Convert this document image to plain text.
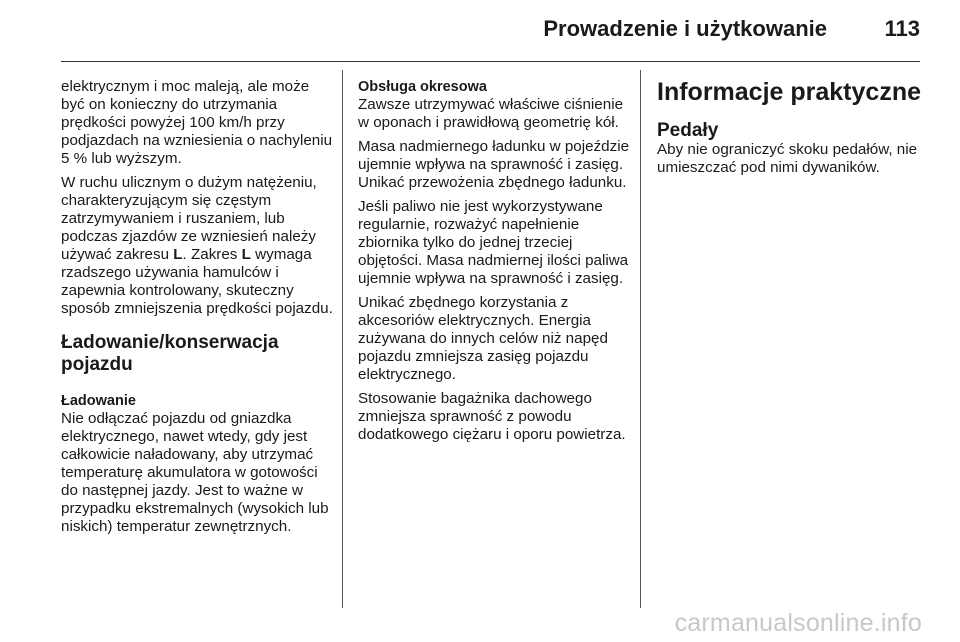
Prowadzenie i użytkowanie	113

elektrycznym i moc maleją, ale może być on konieczny do utrzymania prędkości powyżej 100 km/h przy podjazdach na wzniesienia o nachyleniu 5 % lub wyższym.

W ruchu ulicznym o dużym natężeniu, charakteryzującym się częstym zatrzymywaniem i ruszaniem, lub podczas zjazdów ze wzniesień należy używać zakresu L. Zakres L wymaga rzadszego używania hamulców i zapewnia kontrolowany, skuteczny sposób zmniejszenia prędkości pojazdu.

Ładowanie/konserwacja pojazdu
Ładowanie

Nie odłączać pojazdu od gniazdka elektrycznego, nawet wtedy, gdy jest całkowicie naładowany, aby utrzymać temperaturę akumulatora w gotowości do następnej jazdy. Jest to ważne w przypadku ekstremalnych (wysokich lub niskich) temperatur zewnętrznych.

Obsługa okresowa

Zawsze utrzymywać właściwe ciśnienie w oponach i prawidłową geometrię kół.

Masa nadmiernego ładunku w pojeździe ujemnie wpływa na sprawność i zasięg. Unikać przewożenia zbędnego ładunku.

Jeśli paliwo nie jest wykorzystywane regularnie, rozważyć napełnienie zbiornika tylko do jednej trzeciej objętości. Masa nadmiernej ilości paliwa ujemnie wpływa na sprawność i zasięg.

Unikać zbędnego korzystania z akcesoriów elektrycznych. Energia zużywana do innych celów niż napęd pojazdu zmniejsza zasięg pojazdu elektrycznego.

Stosowanie bagażnika dachowego zmniejsza sprawność z powodu dodatkowego ciężaru i oporu powietrza.

Informacje praktyczne
Pedały

Aby nie ograniczyć skoku pedałów, nie umieszczać pod nimi dywaników.

carmanualsonline.info
